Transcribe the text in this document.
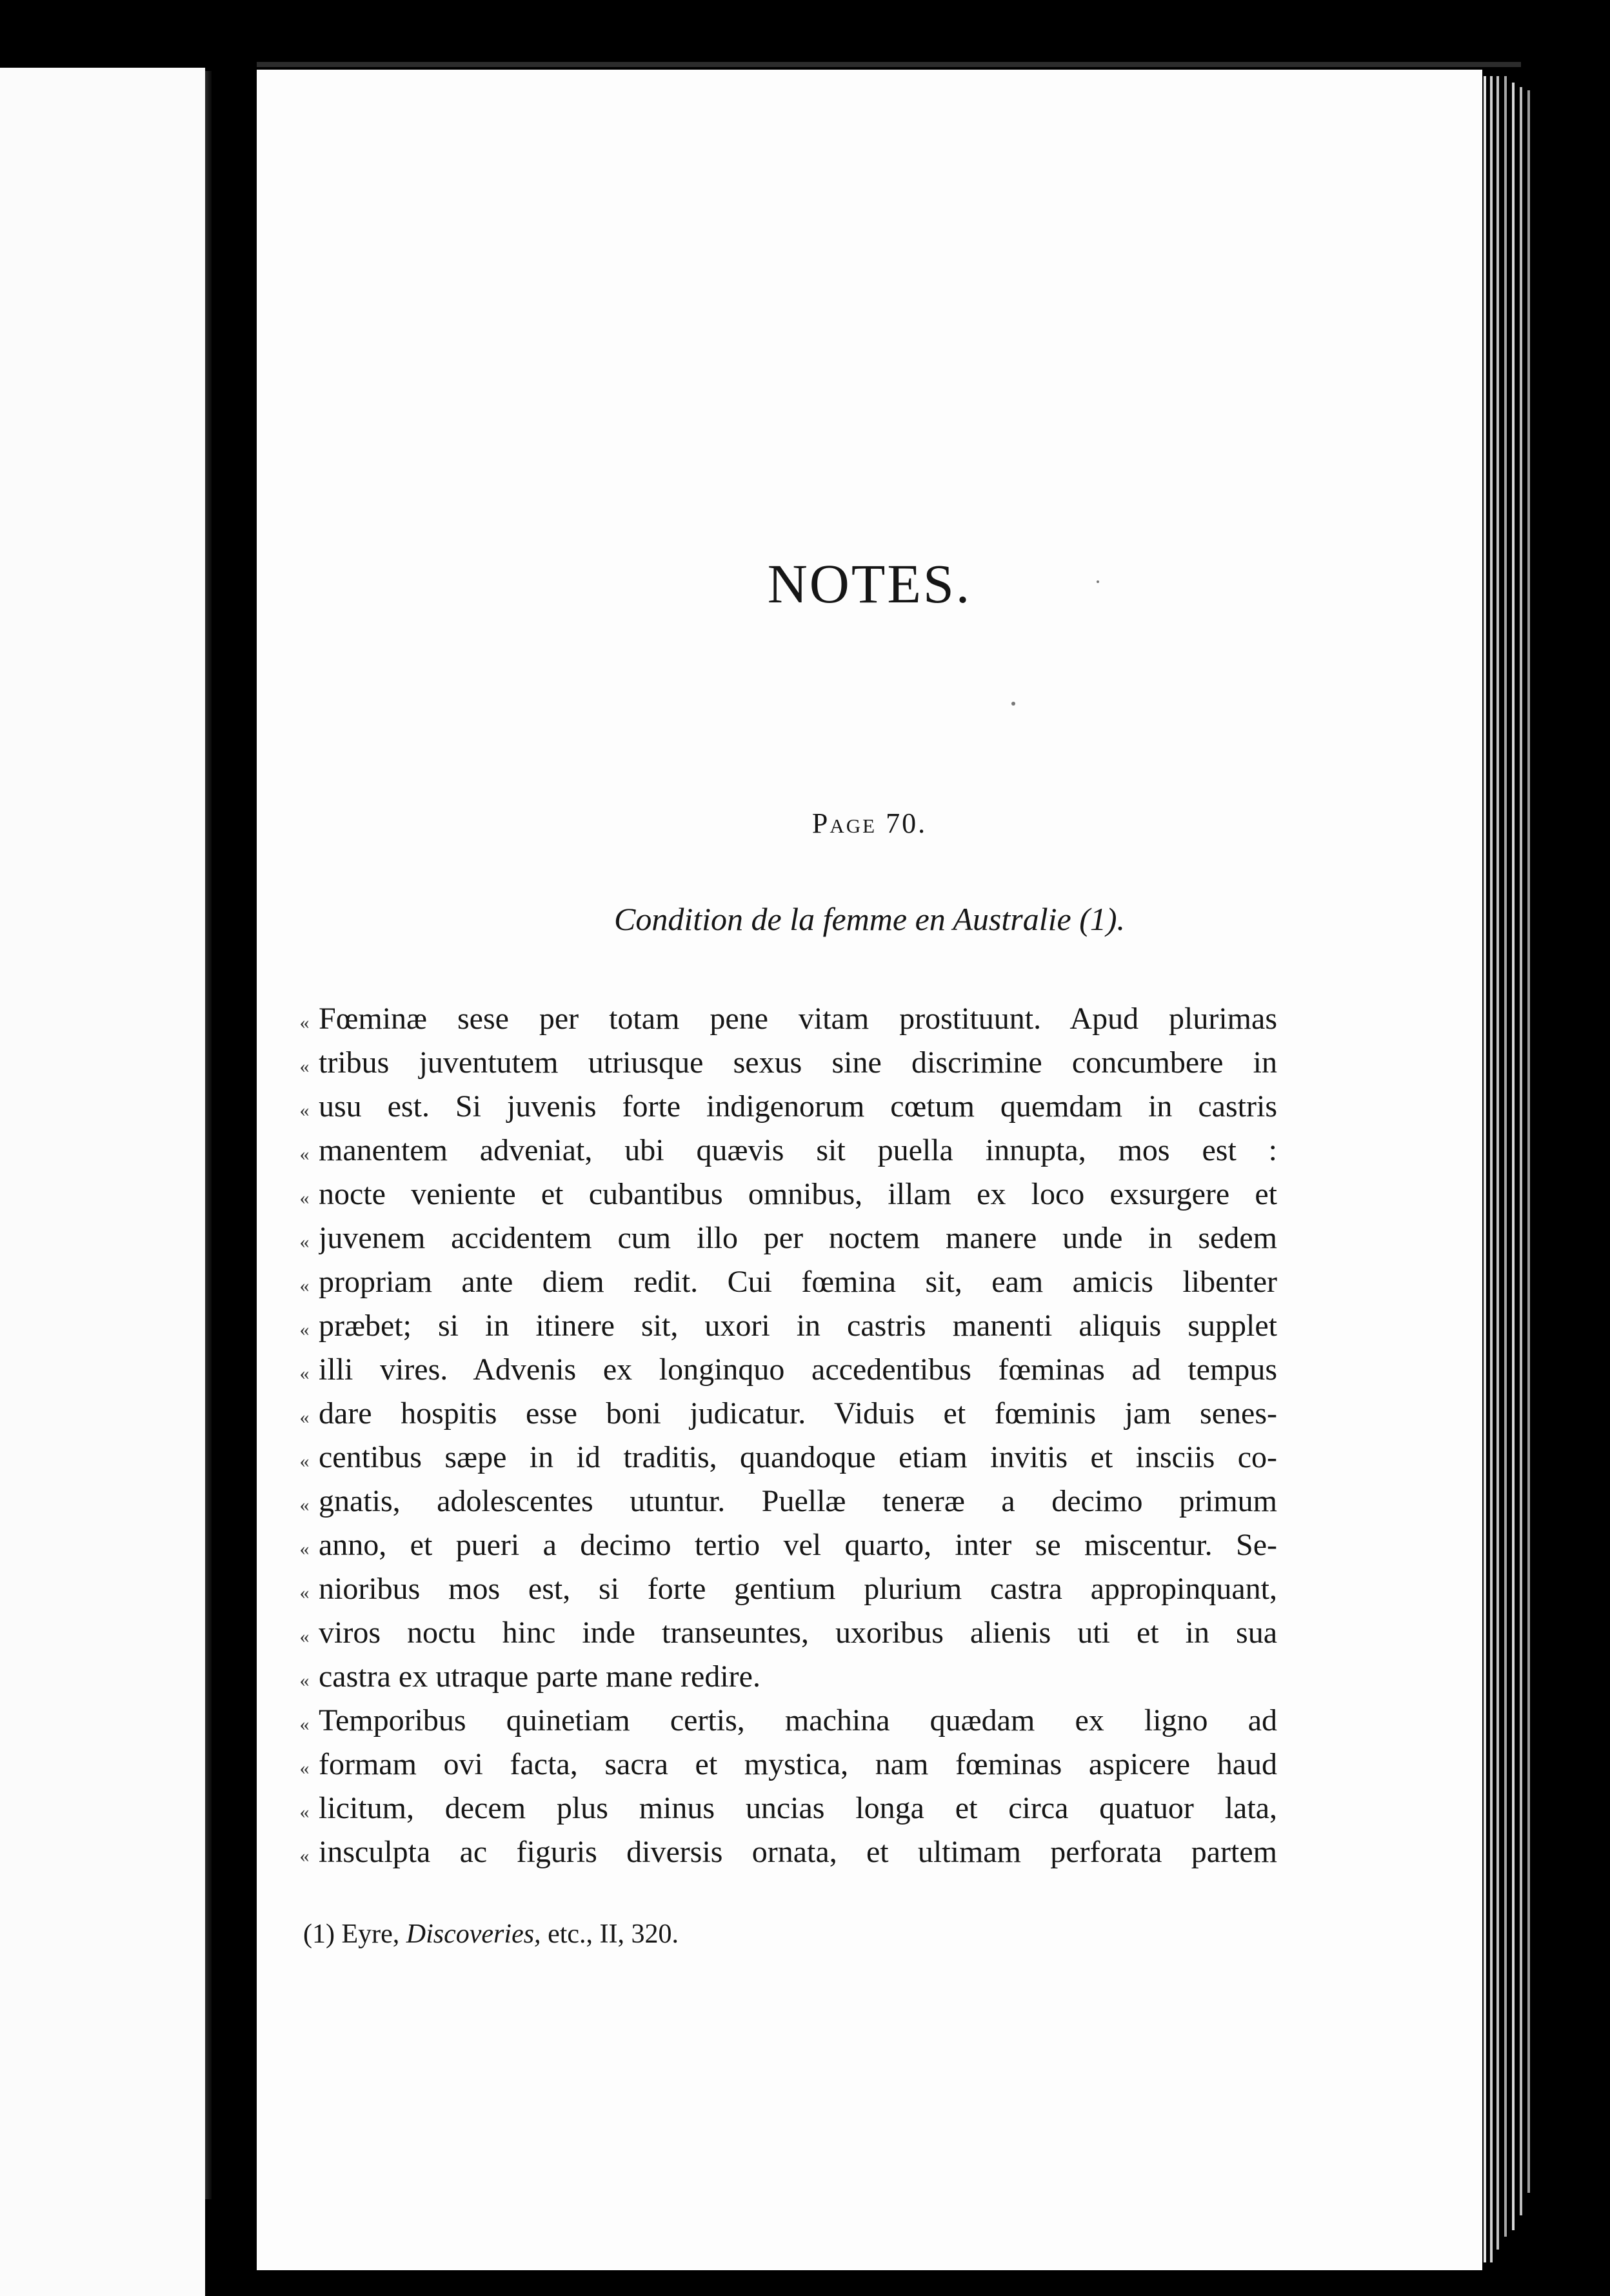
NOTES.
Page 70.
Condition de la femme en Australie (1).
« Fœminæ sese per totam pene vitam prostituunt. Apud plurimas
« tribus juventutem utriusque sexus sine discrimine concumbere in
« usu est. Si juvenis forte indigenorum cœtum quemdam in castris
« manentem adveniat, ubi quævis sit puella innupta, mos est :
« nocte veniente et cubantibus omnibus, illam ex loco exsurgere et
« juvenem accidentem cum illo per noctem manere unde in sedem
« propriam ante diem redit. Cui fœmina sit, eam amicis libenter
« præbet; si in itinere sit, uxori in castris manenti aliquis supplet
« illi vires. Advenis ex longinquo accedentibus fœminas ad tempus
« dare hospitis esse boni judicatur. Viduis et fœminis jam senes-
« centibus sæpe in id traditis, quandoque etiam invitis et insciis co-
« gnatis, adolescentes utuntur. Puellæ teneræ a decimo primum
« anno, et pueri a decimo tertio vel quarto, inter se miscentur. Se-
« nioribus mos est, si forte gentium plurium castra appropinquant,
« viros noctu hinc inde transeuntes, uxoribus alienis uti et in sua
« castra ex utraque parte mane redire.
« Temporibus quinetiam certis, machina quædam ex ligno ad
« formam ovi facta, sacra et mystica, nam fœminas aspicere haud
« licitum, decem plus minus uncias longa et circa quatuor lata,
« insculpta ac figuris diversis ornata, et ultimam perforata partem
(1) Eyre, Discoveries, etc., II, 320.
